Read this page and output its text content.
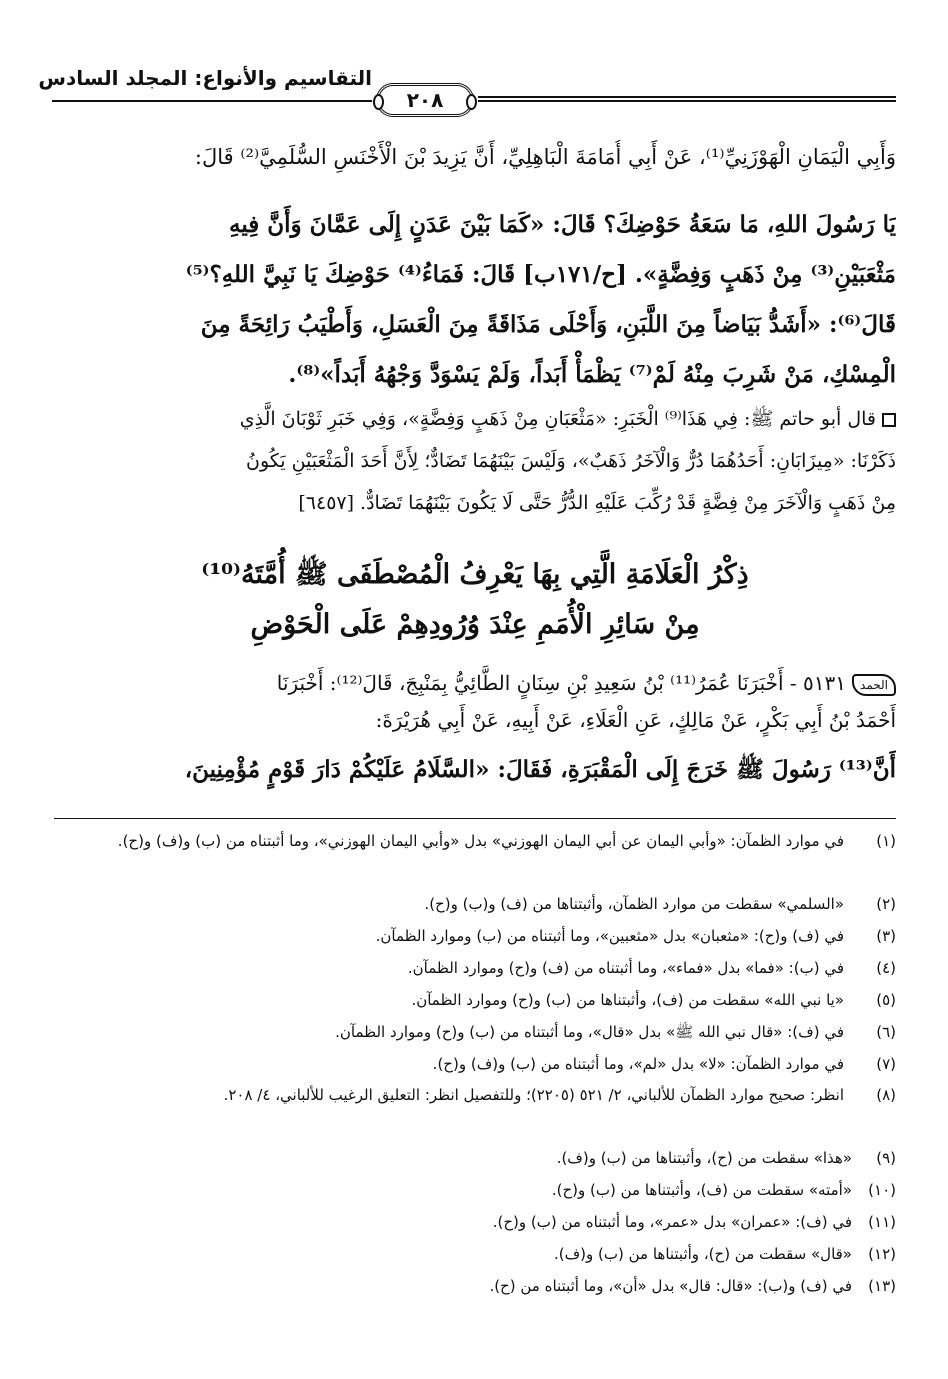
التقاسيم والأنواع: المجلد السادس
٢٠٨

وَأَبِي الْيَمَانِ الْهَوْزَنِيِّ⁽¹⁾، عَنْ أَبِي أُمَامَةَ الْبَاهِلِيِّ، أَنَّ يَزِيدَ بْنَ الْأَخْنَسِ السُّلَمِيَّ⁽²⁾ قَالَ:

يَا رَسُولَ اللهِ، مَا سَعَةُ حَوْضِكَ؟ قَالَ: «كَمَا بَيْنَ عَدَنٍ إِلَى عَمَّانَ وَأَنَّ فِيهِ

مَثْعَبَيْنِ⁽³⁾ مِنْ ذَهَبٍ وَفِضَّةٍ». [ح/١٧١ب] قَالَ: فَمَاءُ⁽⁴⁾ حَوْضِكَ يَا نَبِيَّ اللهِ؟⁽⁵⁾

قَالَ⁽⁶⁾: «أَشَدُّ بَيَاضاً مِنَ اللَّبَنِ، وَأَحْلَى مَذَاقَةً مِنَ الْعَسَلِ، وَأَطْيَبُ رَائِحَةً مِنَ

الْمِسْكِ، مَنْ شَرِبَ مِنْهُ لَمْ⁽⁷⁾ يَظْمَأْ أَبَداً، وَلَمْ يَسْوَدَّ وَجْهُهُ أَبَداً»⁽⁸⁾.

قال أبو حاتم ﷺ: فِي هَذَا⁽⁹⁾ الْخَبَرِ: «مَثْعَبَانِ مِنْ ذَهَبٍ وَفِضَّةٍ»، وَفِي خَبَرِ ثَوْبَانَ الَّذِي

ذَكَرْنَا: «مِيزَابَانِ: أَحَدُهُمَا دُرٌّ وَالْآخَرُ ذَهَبٌ»، وَلَيْسَ بَيْنَهُمَا تَضَادٌّ؛ لِأَنَّ أَحَدَ الْمَثْعَبَيْنِ يَكُونُ

مِنْ ذَهَبٍ وَالْآخَرَ مِنْ فِضَّةٍ قَدْ رُكِّبَ عَلَيْهِ الدُّرُّ حَتَّى لَا يَكُونَ بَيْنَهُمَا تَضَادٌّ. [٦٤٥٧]

ذِكْرُ الْعَلَامَةِ الَّتِي بِهَا يَعْرِفُ الْمُصْطَفَى ﷺ أُمَّتَهُ⁽¹⁰⁾
مِنْ سَائِرِ الْأُمَمِ عِنْدَ وُرُودِهِمْ عَلَى الْحَوْضِ

الحمد٥١٣١ - أَخْبَرَنَا عُمَرُ⁽¹¹⁾ بْنُ سَعِيدِ بْنِ سِنَانٍ الطَّائِيُّ بِمَنْبِجَ، قَالَ⁽¹²⁾: أَخْبَرَنَا

أَحْمَدُ بْنُ أَبِي بَكْرٍ، عَنْ مَالِكٍ، عَنِ الْعَلَاءِ، عَنْ أَبِيهِ، عَنْ أَبِي هُرَيْرَةَ:

أَنَّ⁽¹³⁾ رَسُولَ ﷺ خَرَجَ إِلَى الْمَقْبَرَةِ، فَقَالَ: «السَّلَامُ عَلَيْكُمْ دَارَ قَوْمٍ مُؤْمِنِينَ،

(١)
في موارد الظمآن: «وأبي اليمان عن أبي اليمان الهوزني» بدل «وأبي اليمان الهوزني»، وما أثبتناه من (ب) و(ف) و(ح).
(٢)
«السلمي» سقطت من موارد الظمآن، وأثبتناها من (ف) و(ب) و(ح).
(٣)
في (ف) و(ح): «مثعبان» بدل «مثعبين»، وما أثبتناه من (ب) وموارد الظمآن.
(٤)
في (ب): «فما» بدل «فماء»، وما أثبتناه من (ف) و(ح) وموارد الظمآن.
(٥)
«يا نبي الله» سقطت من (ف)، وأثبتناها من (ب) و(ح) وموارد الظمآن.
(٦)
في (ف): «قال نبي الله ﷺ» بدل «قال»، وما أثبتناه من (ب) و(ح) وموارد الظمآن.
(٧)
في موارد الظمآن: «لا» بدل «لم»، وما أثبتناه من (ب) و(ف) و(ح).
(٨)
انظر: صحيح موارد الظمآن للألباني، ٢/ ٥٢١ (٢٢٠٥)؛ وللتفصيل انظر: التعليق الرغيب للألباني، ٤/ ٢٠٨.
(٩)
«هذا» سقطت من (ح)، وأثبتناها من (ب) و(ف).
(١٠)
«أمته» سقطت من (ف)، وأثبتناها من (ب) و(ح).
(١١)
في (ف): «عمران» بدل «عمر»، وما أثبتناه من (ب) و(ح).
(١٢)
«قال» سقطت من (ح)، وأثبتناها من (ب) و(ف).
(١٣)
في (ف) و(ب): «قال: قال» بدل «أن»، وما أثبتناه من (ح).
